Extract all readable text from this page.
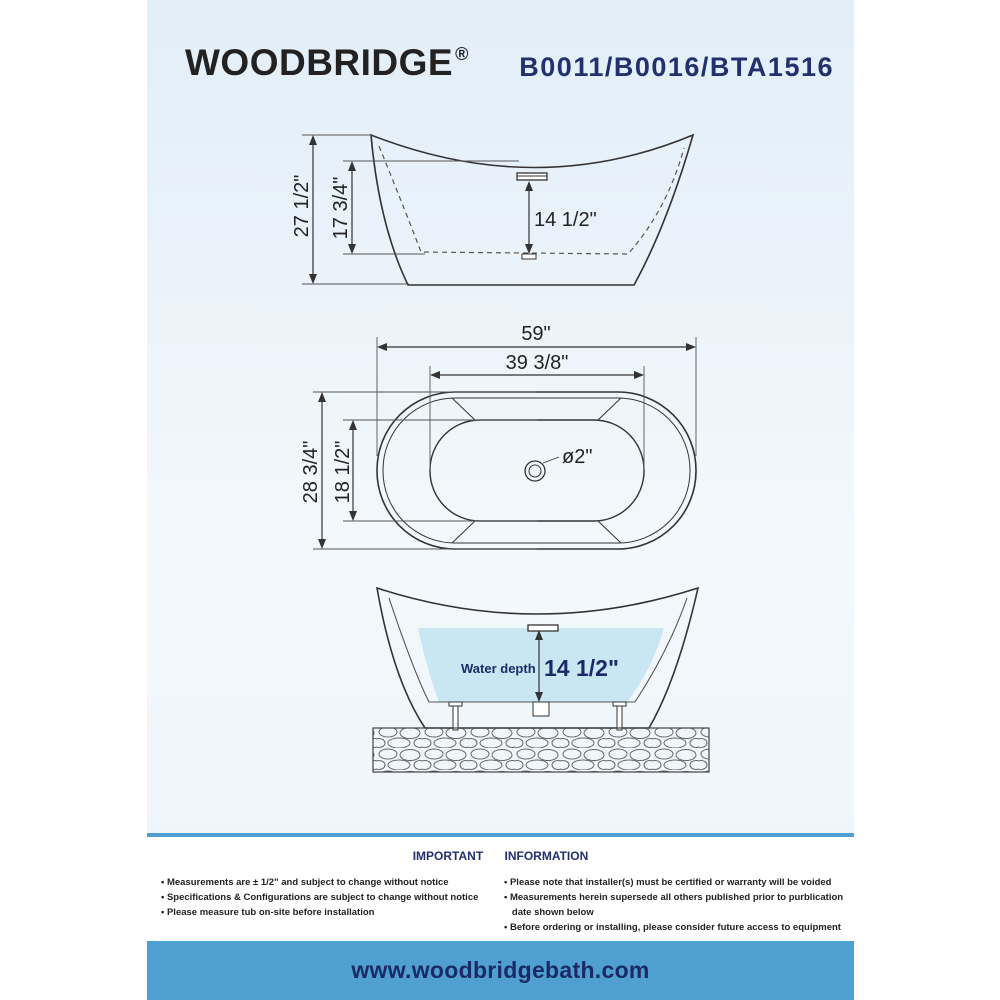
WOODBRIDGE ® B0011/B0016/BTA1516
27 1/2" 17 3/4"	14 1/2"
ø2"
59"
39 3/8"
28 3/4" 18 1/2"
Water depth 14 1/2"
IMPORTANT INFORMATION
• Measurements are ± 1/2" and subject to change without notice
• Specifications & Configurations are subject to change without notice
• Please measure tub on-site before installation
• Please note that installer(s) must be certified or warranty will be voided
• Measurements herein supersede all others published prior to purblication
date shown below
• Before ordering or installing, please consider future access to equipment
www.woodbridgebath.com
